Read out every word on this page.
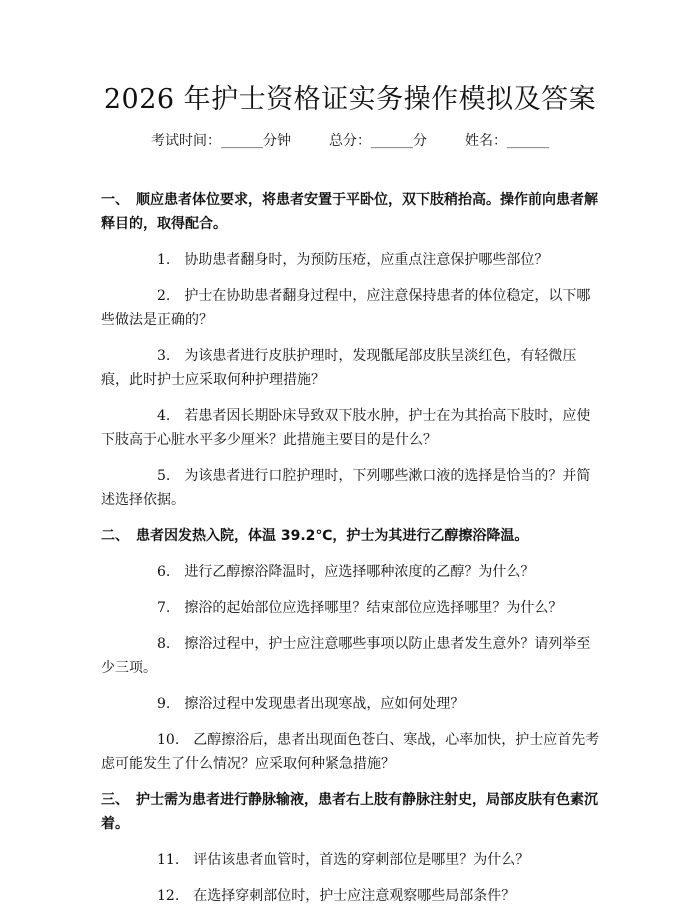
2026 年护士资格证实务操作模拟及答案
考试时间：______分钟	总分：______分	姓名：______
一、　顺应患者体位要求，将患者安置于平卧位，双下肢稍抬高。操作前向患者解释目的，取得配合。
1. 协助患者翻身时，为预防压疮，应重点注意保护哪些部位？
2. 护士在协助患者翻身过程中，应注意保持患者的体位稳定，以下哪些做法是正确的？
3. 为该患者进行皮肤护理时，发现骶尾部皮肤呈淡红色，有轻微压痕，此时护士应采取何种护理措施？
4. 若患者因长期卧床导致双下肢水肿，护士在为其抬高下肢时，应使下肢高于心脏水平多少厘米？此措施主要目的是什么？
5. 为该患者进行口腔护理时，下列哪些漱口液的选择是恰当的？并简述选择依据。
二、　患者因发热入院，体温 39.2℃，护士为其进行乙醇擦浴降温。
6. 进行乙醇擦浴降温时，应选择哪种浓度的乙醇？为什么？
7. 擦浴的起始部位应选择哪里？结束部位应选择哪里？为什么？
8. 擦浴过程中，护士应注意哪些事项以防止患者发生意外？请列举至少三项。
9. 擦浴过程中发现患者出现寒战，应如何处理？
10. 乙醇擦浴后，患者出现面色苍白、寒战，心率加快，护士应首先考虑可能发生了什么情况？应采取何种紧急措施？
三、　护士需为患者进行静脉输液，患者右上肢有静脉注射史，局部皮肤有色素沉着。
11. 评估该患者血管时，首选的穿刺部位是哪里？为什么？
12. 在选择穿刺部位时，护士应注意观察哪些局部条件？
